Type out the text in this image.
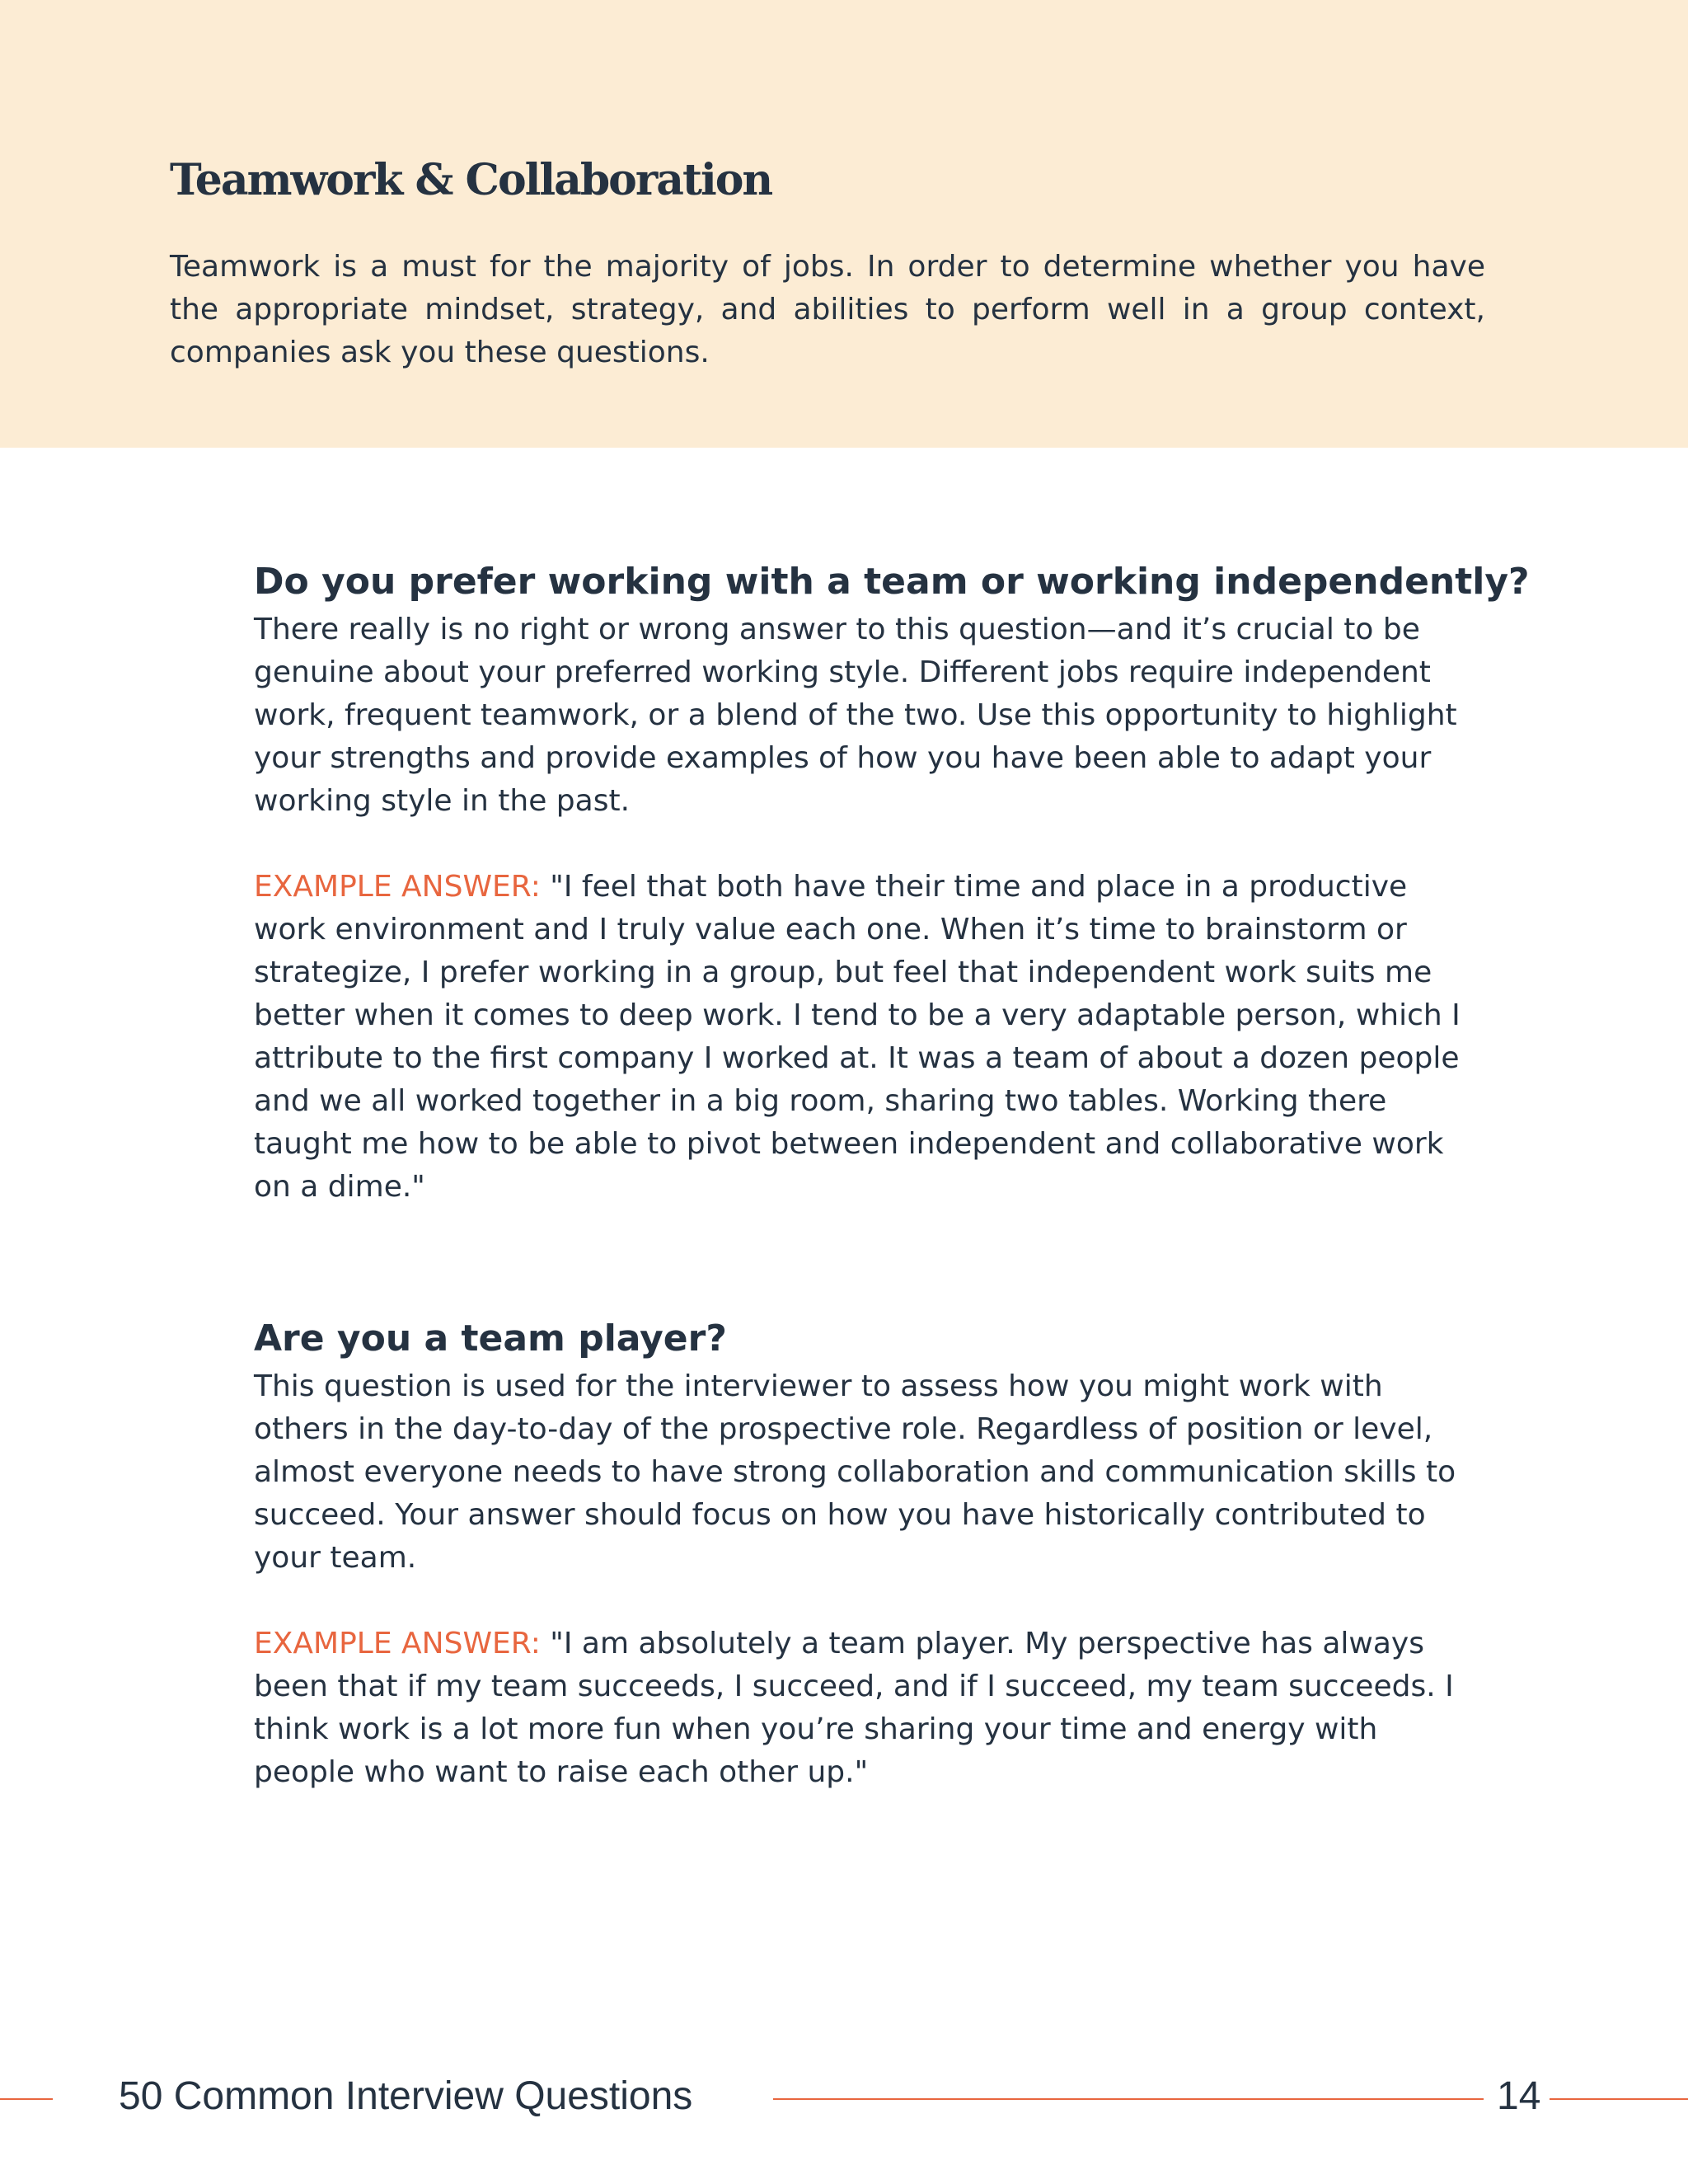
Teamwork & Collaboration

Teamwork is a must for the majority of jobs. In order to determine whether you have the appropriate mindset, strategy, and abilities to perform well in a group context, companies ask you these questions.

Do you prefer working with a team or working independently?

There really is no right or wrong answer to this question—and it’s crucial to be genuine about your preferred working style. Different jobs require independent work, frequent teamwork, or a blend of the two. Use this opportunity to highlight your strengths and provide examples of how you have been able to adapt your working style in the past.

EXAMPLE ANSWER: "I feel that both have their time and place in a productive work environment and I truly value each one. When it’s time to brainstorm or strategize, I prefer working in a group, but feel that independent work suits me better when it comes to deep work. I tend to be a very adaptable person, which I attribute to the first company I worked at. It was a team of about a dozen people and we all worked together in a big room, sharing two tables. Working there taught me how to be able to pivot between independent and collaborative work on a dime."

Are you a team player?

This question is used for the interviewer to assess how you might work with others in the day-to-day of the prospective role. Regardless of position or level, almost everyone needs to have strong collaboration and communication skills to succeed. Your answer should focus on how you have historically contributed to your team.

EXAMPLE ANSWER: "I am absolutely a team player. My perspective has always been that if my team succeeds, I succeed, and if I succeed, my team succeeds. I think work is a lot more fun when you’re sharing your time and energy with people who want to raise each other up."

50 Common Interview Questions	14
